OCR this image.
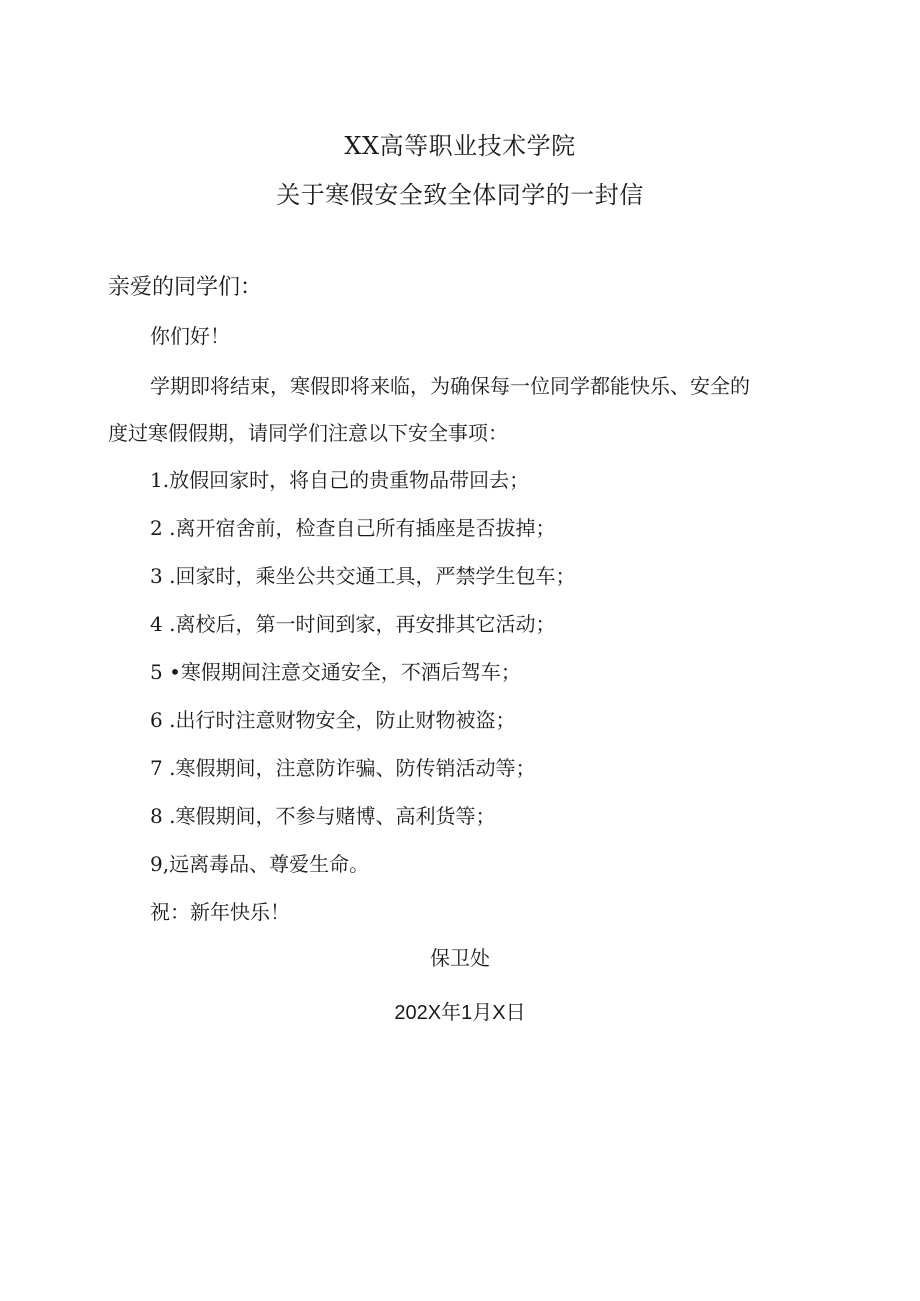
XX高等职业技术学院
关于寒假安全致全体同学的一封信
亲爱的同学们：
你们好！
学期即将结束，寒假即将来临，为确保每一位同学都能快乐、安全的
度过寒假假期，请同学们注意以下安全事项：
1.放假回家时，将自己的贵重物品带回去；
2 .离开宿舍前，检查自己所有插座是否拔掉；
3 .回家时，乘坐公共交通工具，严禁学生包车；
4 .离校后，第一时间到家，再安排其它活动；
5 •寒假期间注意交通安全，不酒后驾车；
6 .出行时注意财物安全，防止财物被盗；
7 .寒假期间，注意防诈骗、防传销活动等；
8 .寒假期间，不参与赌博、高利货等；
9,远离毒品、尊爱生命。
祝：新年快乐！
保卫处
202X年1月X日
